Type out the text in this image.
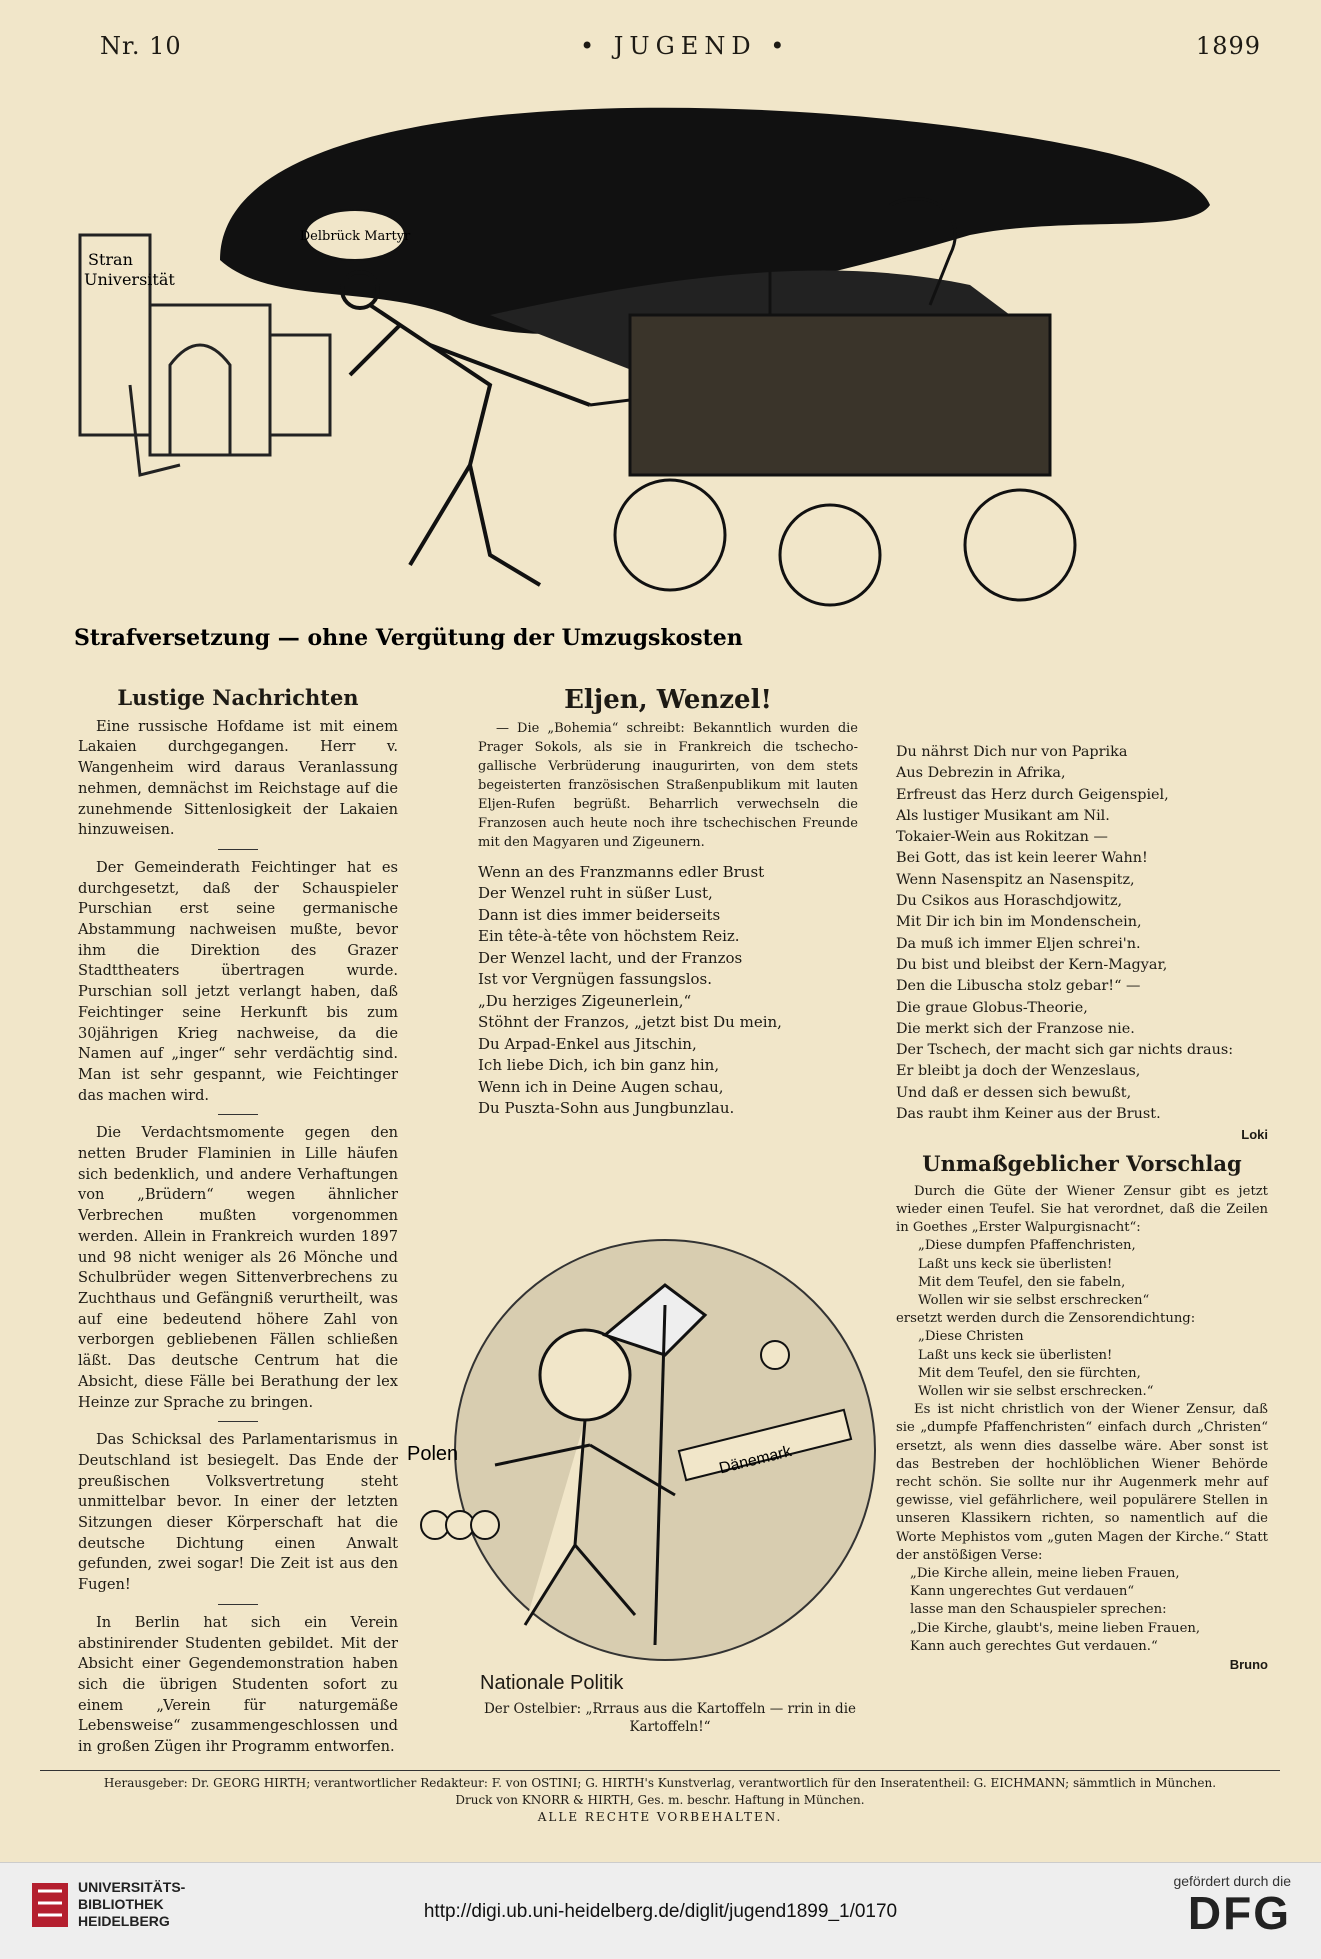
Nr. 10	• JUGEND •	1899
Stran
Universität
Delbrück Martyr
Strafversetzung — ohne Vergütung der Umzugskosten
Lustige Nachrichten

Eine russische Hofdame ist mit einem Lakaien durchgegangen. Herr v. Wangenheim wird daraus Veranlassung nehmen, demnächst im Reichstage auf die zunehmende Sittenlosigkeit der Lakaien hinzuweisen.

Der Gemeinderath Feichtinger hat es durchgesetzt, daß der Schauspieler Purschian erst seine germanische Abstammung nachweisen mußte, bevor ihm die Direktion des Grazer Stadttheaters übertragen wurde. Purschian soll jetzt verlangt haben, daß Feichtinger seine Herkunft bis zum 30jährigen Krieg nachweise, da die Namen auf „inger“ sehr verdächtig sind. Man ist sehr gespannt, wie Feichtinger das machen wird.

Die Verdachtsmomente gegen den netten Bruder Flaminien in Lille häufen sich bedenklich, und andere Verhaftungen von „Brüdern“ wegen ähnlicher Verbrechen mußten vorgenommen werden. Allein in Frankreich wurden 1897 und 98 nicht weniger als 26 Mönche und Schulbrüder wegen Sittenverbrechens zu Zuchthaus und Gefängniß verurtheilt, was auf eine bedeutend höhere Zahl von verborgen gebliebenen Fällen schließen läßt. Das deutsche Centrum hat die Absicht, diese Fälle bei Berathung der lex Heinze zur Sprache zu bringen.

Das Schicksal des Parlamentarismus in Deutschland ist besiegelt. Das Ende der preußischen Volksvertretung steht unmittelbar bevor. In einer der letzten Sitzungen dieser Körperschaft hat die deutsche Dichtung einen Anwalt gefunden, zwei sogar! Die Zeit ist aus den Fugen!

In Berlin hat sich ein Verein abstinirender Studenten gebildet. Mit der Absicht einer Gegendemonstration haben sich die übrigen Studenten sofort zu einem „Verein für naturgemäße Lebensweise“ zusammengeschlossen und in großen Zügen ihr Programm entworfen.

Eljen, Wenzel!

— Die „Bohemia“ schreibt: Bekanntlich wurden die Prager Sokols, als sie in Frankreich die tschecho-gallische Verbrüderung inaugurirten, von dem stets begeisterten französischen Straßenpublikum mit lauten Eljen-Rufen begrüßt. Beharrlich verwechseln die Franzosen auch heute noch ihre tschechischen Freunde mit den Magyaren und Zigeunern.

Wenn an des Franzmanns edler Brust
Der Wenzel ruht in süßer Lust,
Dann ist dies immer beiderseits
Ein tête-à-tête von höchstem Reiz.
Der Wenzel lacht, und der Franzos
Ist vor Vergnügen fassungslos.
„Du herziges Zigeunerlein,“
Stöhnt der Franzos, „jetzt bist Du mein,
Du Arpad-Enkel aus Jitschin,
Ich liebe Dich, ich bin ganz hin,
Wenn ich in Deine Augen schau,
Du Puszta-Sohn aus Jungbunzlau.
Dänemark
Polen
Nationale Politik
Der Ostelbier: „Rrraus aus die Kartoffeln — rrin in die Kartoffeln!“
Du nährst Dich nur von Paprika
Aus Debrezin in Afrika,
Erfreust das Herz durch Geigenspiel,
Als lustiger Musikant am Nil.
Tokaier-Wein aus Rokitzan —
Bei Gott, das ist kein leerer Wahn!
Wenn Nasenspitz an Nasenspitz,
Du Csikos aus Horaschdjowitz,
Mit Dir ich bin im Mondenschein,
Da muß ich immer Eljen schrei'n.
Du bist und bleibst der Kern-Magyar,
Den die Libuscha stolz gebar!“ —
Die graue Globus-Theorie,
Die merkt sich der Franzose nie.
Der Tschech, der macht sich gar nichts draus:
Er bleibt ja doch der Wenzeslaus,
Und daß er dessen sich bewußt,
Das raubt ihm Keiner aus der Brust.
Loki
Unmaßgeblicher Vorschlag

Durch die Güte der Wiener Zensur gibt es jetzt wieder einen Teufel. Sie hat verordnet, daß die Zeilen in Goethes „Erster Walpurgisnacht“:

„Diese dumpfen Pfaffenchristen,
Laßt uns keck sie überlisten!
Mit dem Teufel, den sie fabeln,
Wollen wir sie selbst erschrecken“
ersetzt werden durch die Zensorendichtung:
„Diese Christen
Laßt uns keck sie überlisten!
Mit dem Teufel, den sie fürchten,
Wollen wir sie selbst erschrecken.“

Es ist nicht christlich von der Wiener Zensur, daß sie „dumpfe Pfaffenchristen“ einfach durch „Christen“ ersetzt, als wenn dies dasselbe wäre. Aber sonst ist das Bestreben der hochlöblichen Wiener Behörde recht schön. Sie sollte nur ihr Augenmerk mehr auf gewisse, viel gefährlichere, weil populärere Stellen in unseren Klassikern richten, so namentlich auf die Worte Mephistos vom „guten Magen der Kirche.“ Statt der anstößigen Verse:

„Die Kirche allein, meine lieben Frauen,
Kann ungerechtes Gut verdauen“
lasse man den Schauspieler sprechen:
„Die Kirche, glaubt's, meine lieben Frauen,
Kann auch gerechtes Gut verdauen.“
Bruno
Herausgeber: Dr. GEORG HIRTH; verantwortlicher Redakteur: F. von OSTINI; G. HIRTH's Kunstverlag, verantwortlich für den Inseratentheil: G. EICHMANN; sämmtlich in München.
Druck von KNORR & HIRTH, Ges. m. beschr. Haftung in München.
ALLE RECHTE VORBEHALTEN.
UNIVERSITÄTS-
BIBLIOTHEK
HEIDELBERG	http://digi.ub.uni-heidelberg.de/diglit/jugend1899_1/0170
gefördert durch die
DFG
